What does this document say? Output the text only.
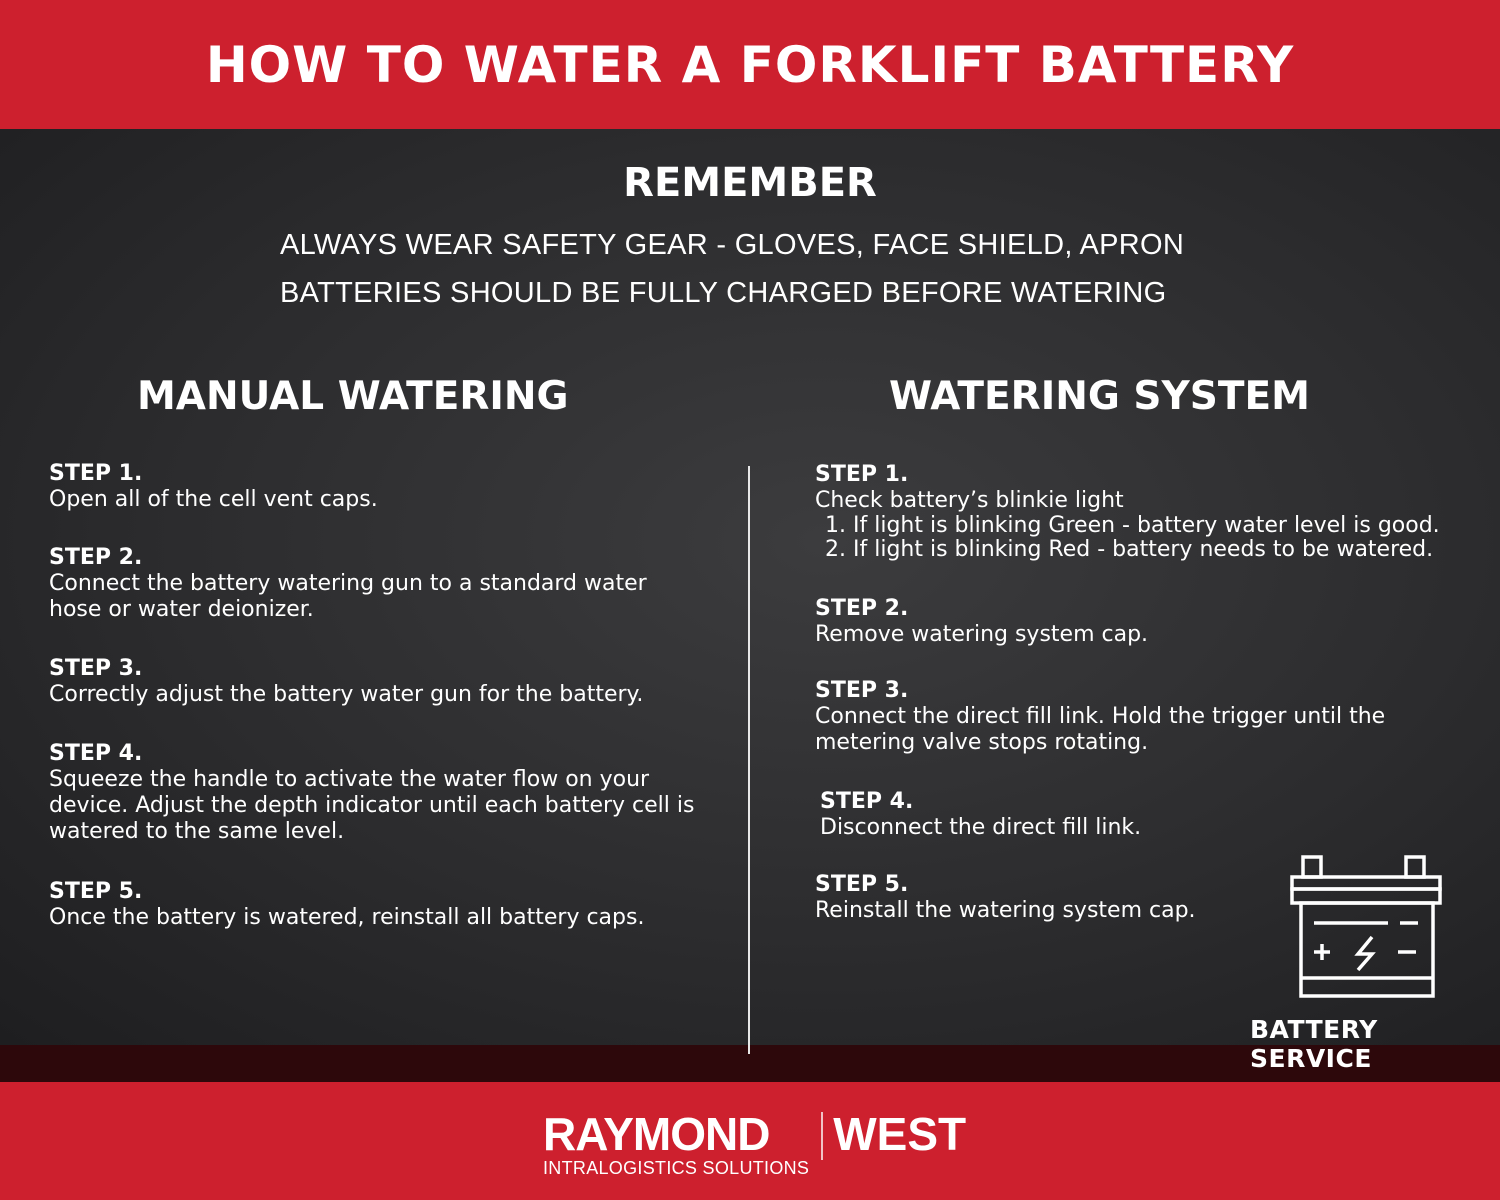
HOW TO WATER A FORKLIFT BATTERY
REMEMBER
ALWAYS WEAR SAFETY GEAR - GLOVES, FACE SHIELD, APRON
BATTERIES SHOULD BE FULLY CHARGED BEFORE WATERING
MANUAL WATERING	WATERING SYSTEM
STEP 1.
Open all of the cell vent caps.
STEP 2.
Connect the battery watering gun to a standard water hose or water deionizer.
STEP 3.
Correctly adjust the battery water gun for the battery.
STEP 4.
Squeeze the handle to activate the water flow on your device. Adjust the depth indicator until each battery cell is watered to the same level.
STEP 5.
Once the battery is watered, reinstall all battery caps.
STEP 1.
Check battery’s blinkie light
1. If light is blinking Green - battery water level is good.
2. If light is blinking Red - battery needs to be watered.
STEP 2.
Remove watering system cap.
STEP 3.
Connect the direct fill link. Hold the trigger until the metering valve stops rotating.
STEP 4.
Disconnect the direct fill link.
STEP 5.
Reinstall the watering system cap.
BATTERY SERVICE
RAYMOND
INTRALOGISTICS SOLUTIONS
WEST
